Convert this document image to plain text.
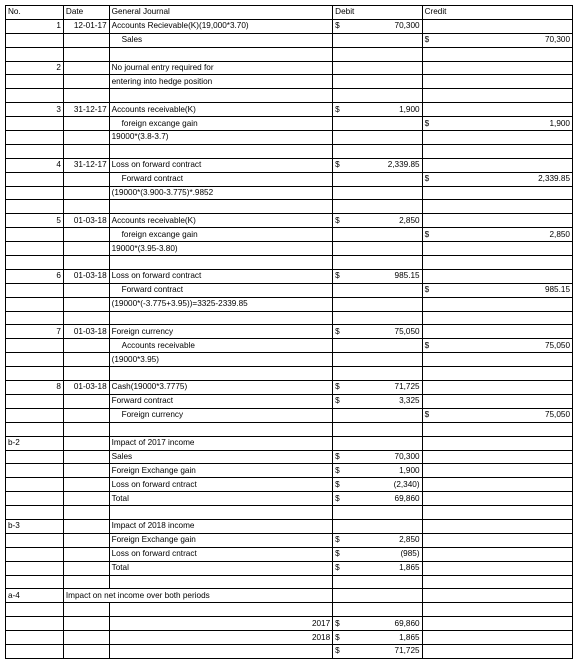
No.	Date	General Journal	Debit		Credit	
1	12-01-17	Accounts Recievable(K)(19,000*3.70)	$	70,300		
		Sales			$	70,300

2		No journal entry required for				
		entering into hedge position				

3	31-12-17	Accounts receivable(K)	$	1,900		
		foreign excange gain			$	1,900
		19000*(3.8-3.7)				

4	31-12-17	Loss on forward contract	$	2,339.85		
		Forward contract			$	2,339.85
		(19000*(3.900-3.775)*.9852				

5	01-03-18	Accounts receivable(K)	$	2,850		
		foreign excange gain			$	2,850
		19000*(3.95-3.80)				

6	01-03-18	Loss on forward contract	$	985.15		
		Forward contract			$	985.15
		(19000*(-3.775+3.95))=3325-2339.85				

7	01-03-18	Foreign currency	$	75,050		
		Accounts receivable			$	75,050
		(19000*3.95)				

8	01-03-18	Cash(19000*3.7775)	$	71,725		
		Forward contract	$	3,325		
		Foreign currency			$	75,050

b-2		Impact of 2017 income				
		Sales	$	70,300		
		Foreign Exchange gain	$	1,900		
		Loss on forward cntract	$	(2,340)		
		Total	$	69,860		

b-3		Impact of 2018 income				
		Foreign Exchange gain	$	2,850		
		Loss on forward cntract	$	(985)		
		Total	$	1,865		

a-4	Impact on net income over both periods					

		2017	$	69,860		
		2018	$	1,865		
			$	71,725		
